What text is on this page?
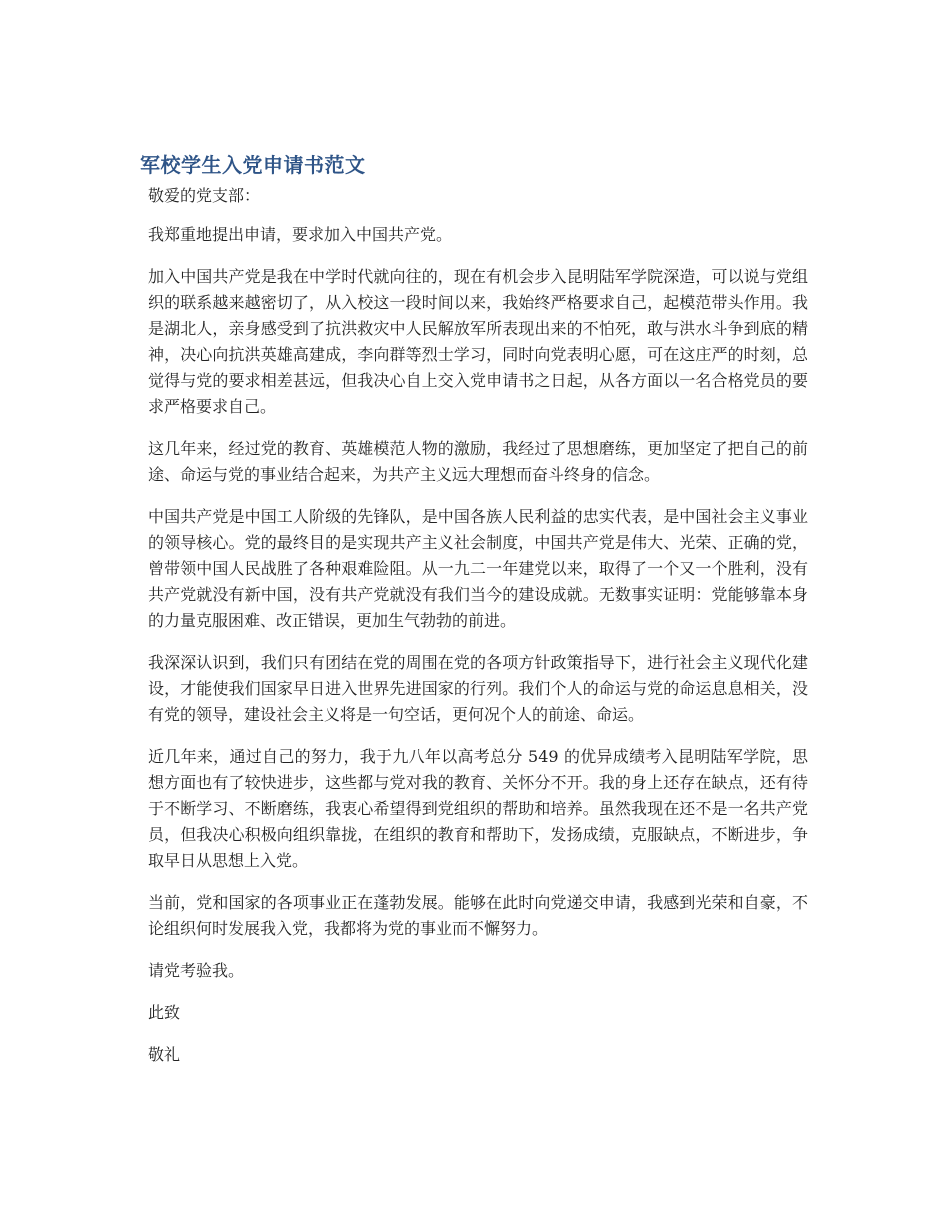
军校学生入党申请书范文

敬爱的党支部：

我郑重地提出申请，要求加入中国共产党。

加入中国共产党是我在中学时代就向往的，现在有机会步入昆明陆军学院深造，可以说与党组织的联系越来越密切了，从入校这一段时间以来，我始终严格要求自己，起模范带头作用。我是湖北人，亲身感受到了抗洪救灾中人民解放军所表现出来的不怕死，敢与洪水斗争到底的精神，决心向抗洪英雄高建成，李向群等烈士学习，同时向党表明心愿，可在这庄严的时刻，总觉得与党的要求相差甚远，但我决心自上交入党申请书之日起，从各方面以一名合格党员的要求严格要求自己。

这几年来，经过党的教育、英雄模范人物的激励，我经过了思想磨练，更加坚定了把自己的前途、命运与党的事业结合起来，为共产主义远大理想而奋斗终身的信念。

中国共产党是中国工人阶级的先锋队，是中国各族人民利益的忠实代表，是中国社会主义事业的领导核心。党的最终目的是实现共产主义社会制度，中国共产党是伟大、光荣、正确的党，曾带领中国人民战胜了各种艰难险阻。从一九二一年建党以来，取得了一个又一个胜利，没有共产党就没有新中国，没有共产党就没有我们当今的建设成就。无数事实证明：党能够靠本身的力量克服困难、改正错误，更加生气勃勃的前进。

我深深认识到，我们只有团结在党的周围在党的各项方针政策指导下，进行社会主义现代化建设，才能使我们国家早日进入世界先进国家的行列。我们个人的命运与党的命运息息相关，没有党的领导，建设社会主义将是一句空话，更何况个人的前途、命运。

近几年来，通过自己的努力，我于九八年以高考总分 549 的优异成绩考入昆明陆军学院，思想方面也有了较快进步，这些都与党对我的教育、关怀分不开。我的身上还存在缺点，还有待于不断学习、不断磨练，我衷心希望得到党组织的帮助和培养。虽然我现在还不是一名共产党员，但我决心积极向组织靠拢，在组织的教育和帮助下，发扬成绩，克服缺点，不断进步，争取早日从思想上入党。

当前，党和国家的各项事业正在蓬勃发展。能够在此时向党递交申请，我感到光荣和自豪，不论组织何时发展我入党，我都将为党的事业而不懈努力。

请党考验我。

此致

敬礼
